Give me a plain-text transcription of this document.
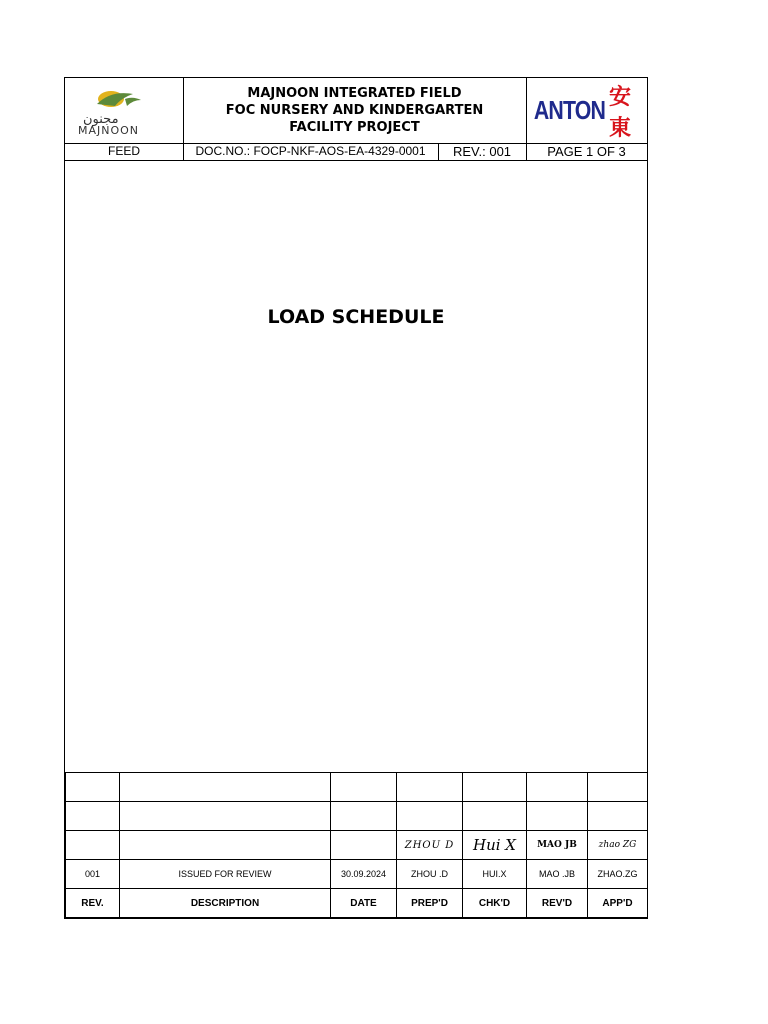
مجنون
MAJNOON
MAJNOON INTEGRATED FIELD
FOC NURSERY AND KINDERGARTEN
FACILITY PROJECT
ANTON 安東
FEED	DOC.NO.: FOCP-NKF-AOS-EA-4329-0001	REV.: 001	PAGE 1 OF 3
LOAD SCHEDULE

			ZHOU D	Hui X	MAO JB	zhao ZG
001	ISSUED FOR REVIEW	30.09.2024	ZHOU .D	HUI.X	MAO .JB	ZHAO.ZG
REV.	DESCRIPTION	DATE	PREP'D	CHK'D	REV'D	APP'D
